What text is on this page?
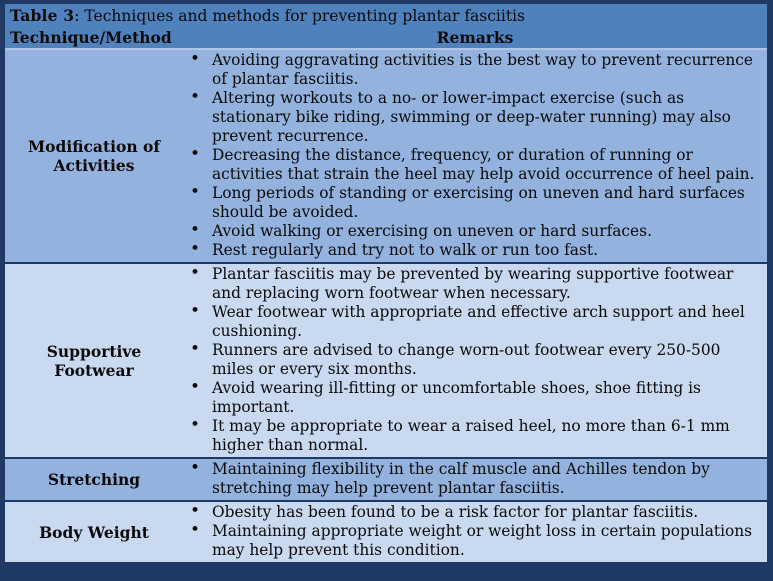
Table 3: Techniques and methods for preventing plantar fasciitis
Technique/Method	Remarks
Modification of Activities
• Avoiding aggravating activities is the best way to prevent recurrence of plantar fasciitis.
• Altering workouts to a no- or lower-impact exercise (such as stationary bike riding, swimming or deep-water running) may also prevent recurrence.
• Decreasing the distance, frequency, or duration of running or activities that strain the heel may help avoid occurrence of heel pain.
• Long periods of standing or exercising on uneven and hard surfaces should be avoided.
• Avoid walking or exercising on uneven or hard surfaces.
• Rest regularly and try not to walk or run too fast.
Supportive Footwear
• Plantar fasciitis may be prevented by wearing supportive footwear and replacing worn footwear when necessary.
• Wear footwear with appropriate and effective arch support and heel cushioning.
• Runners are advised to change worn-out footwear every 250-500 miles or every six months.
• Avoid wearing ill-fitting or uncomfortable shoes, shoe fitting is important.
• It may be appropriate to wear a raised heel, no more than 6-1 mm higher than normal.
Stretching
• Maintaining flexibility in the calf muscle and Achilles tendon by stretching may help prevent plantar fasciitis.
Body Weight
• Obesity has been found to be a risk factor for plantar fasciitis.
• Maintaining appropriate weight or weight loss in certain populations may help prevent this condition.
